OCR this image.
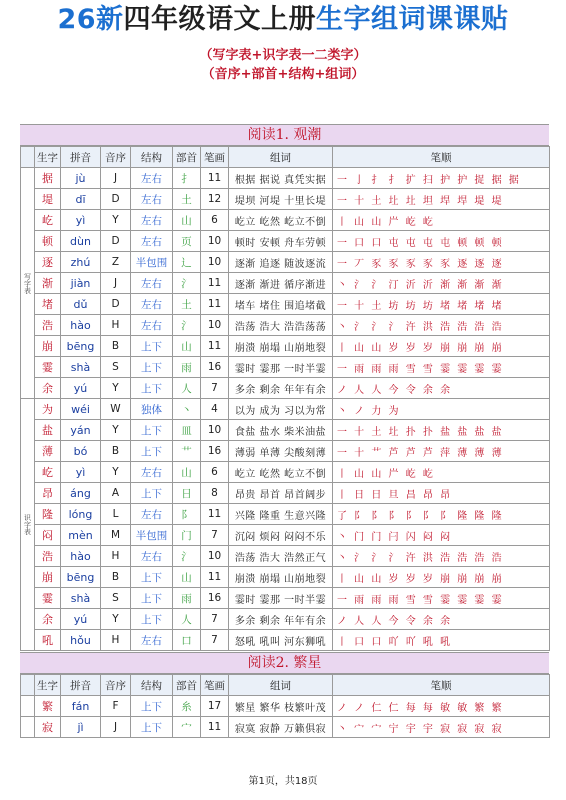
26新四年级语文上册生字组词课课贴
（写字表+识字表一二类字）
（音序+部首+结构+组词）
阅读1. 观潮
	生字	拼音	音序	结构	部首	笔画	组词	笔顺
写字表	据	jù	J	左右	扌	11	根据 据说 真凭实据	一 亅 扌 扌 扩 扫 护 护 捉 据 据
	堤	dī	D	左右	土	12	堤坝 河堤 十里长堤	一 十 土 圵 圵 坦 垾 垾 堤 堤
	屹	yì	Y	左右	山	6	屹立 屹然 屹立不倒	丨 山 山 屵 屹 屹
	顿	dùn	D	左右	页	10	顿时 安顿 舟车劳顿	一 口 口 屯 屯 屯 屯 顿 顿 顿
	逐	zhú	Z	半包围	辶	10	逐渐 追逐 随波逐流	一 丆 豕 豕 豕 豕 豕 逐 逐 逐
	渐	jiàn	J	左右	氵	11	逐渐 渐进 循序渐进	丶 氵 氵 汀 沂 沂 渐 渐 渐 渐
	堵	dǔ	D	左右	土	11	堵车 堵住 围追堵截	一 十 土 坊 坊 坊 堵 堵 堵 堵
	浩	hào	H	左右	氵	10	浩荡 浩大 浩浩荡荡	丶 氵 氵 氵 汻 洪 浩 浩 浩 浩
	崩	bēng	B	上下	山	11	崩溃 崩塌 山崩地裂	丨 山 山 岁 岁 岁 崩 崩 崩 崩
	霎	shà	S	上下	雨	16	霎时 霎那 一时半霎	一 雨 雨 雨 雪 雪 霎 霎 霎 霎
	余	yú	Y	上下	人	7	多余 剩余 年年有余	ノ 人 人 今 令 余 余
识字表	为	wéi	W	独体	丶	4	以为 成为 习以为常	丶 ノ 力 为
	盐	yán	Y	上下	皿	10	食盐 盐水 柴米油盐	一 十 土 圵 扑 扑 盐 盐 盐 盐
	薄	bó	B	上下	艹	16	薄弱 单薄 尖酸刻薄	一 十 艹 芦 芦 芦 萍 薄 薄 薄
	屹	yì	Y	左右	山	6	屹立 屹然 屹立不倒	丨 山 山 屵 屹 屹
	昂	áng	A	上下	日	8	昂贵 昂首 昂首阔步	丨 日 日 旦 昌 昂 昂
	隆	lóng	L	左右	阝	11	兴隆 隆重 生意兴隆	了 阝 阝 阝 阝 阝 阝 隆 隆 隆
	闷	mèn	M	半包围	门	7	沉闷 烦闷 闷闷不乐	丶 门 门 闩 闪 闷 闷
	浩	hào	H	左右	氵	10	浩荡 浩大 浩然正气	丶 氵 氵 氵 汻 洪 浩 浩 浩 浩
	崩	bēng	B	上下	山	11	崩溃 崩塌 山崩地裂	丨 山 山 岁 岁 岁 崩 崩 崩 崩
	霎	shà	S	上下	雨	16	霎时 霎那 一时半霎	一 雨 雨 雨 雪 雪 霎 霎 霎 霎
	余	yú	Y	上下	人	7	多余 剩余 年年有余	ノ 人 人 今 令 余 余
	吼	hǒu	H	左右	口	7	怒吼 吼叫 河东狮吼	丨 口 口 吖 吖 吼 吼
阅读2. 繁星
	生字	拼音	音序	结构	部首	笔画	组词	笔顺
	繁	fán	F	上下	糸	17	繁星 繁华 枝繁叶茂	ノ ノ 仁 仁 每 每 敏 敏 繁 繁
	寂	jì	J	上下	宀	11	寂寞 寂静 万籁俱寂	丶 宀 宀 宁 宇 宇 寂 寂 寂 寂
第1页，共18页
